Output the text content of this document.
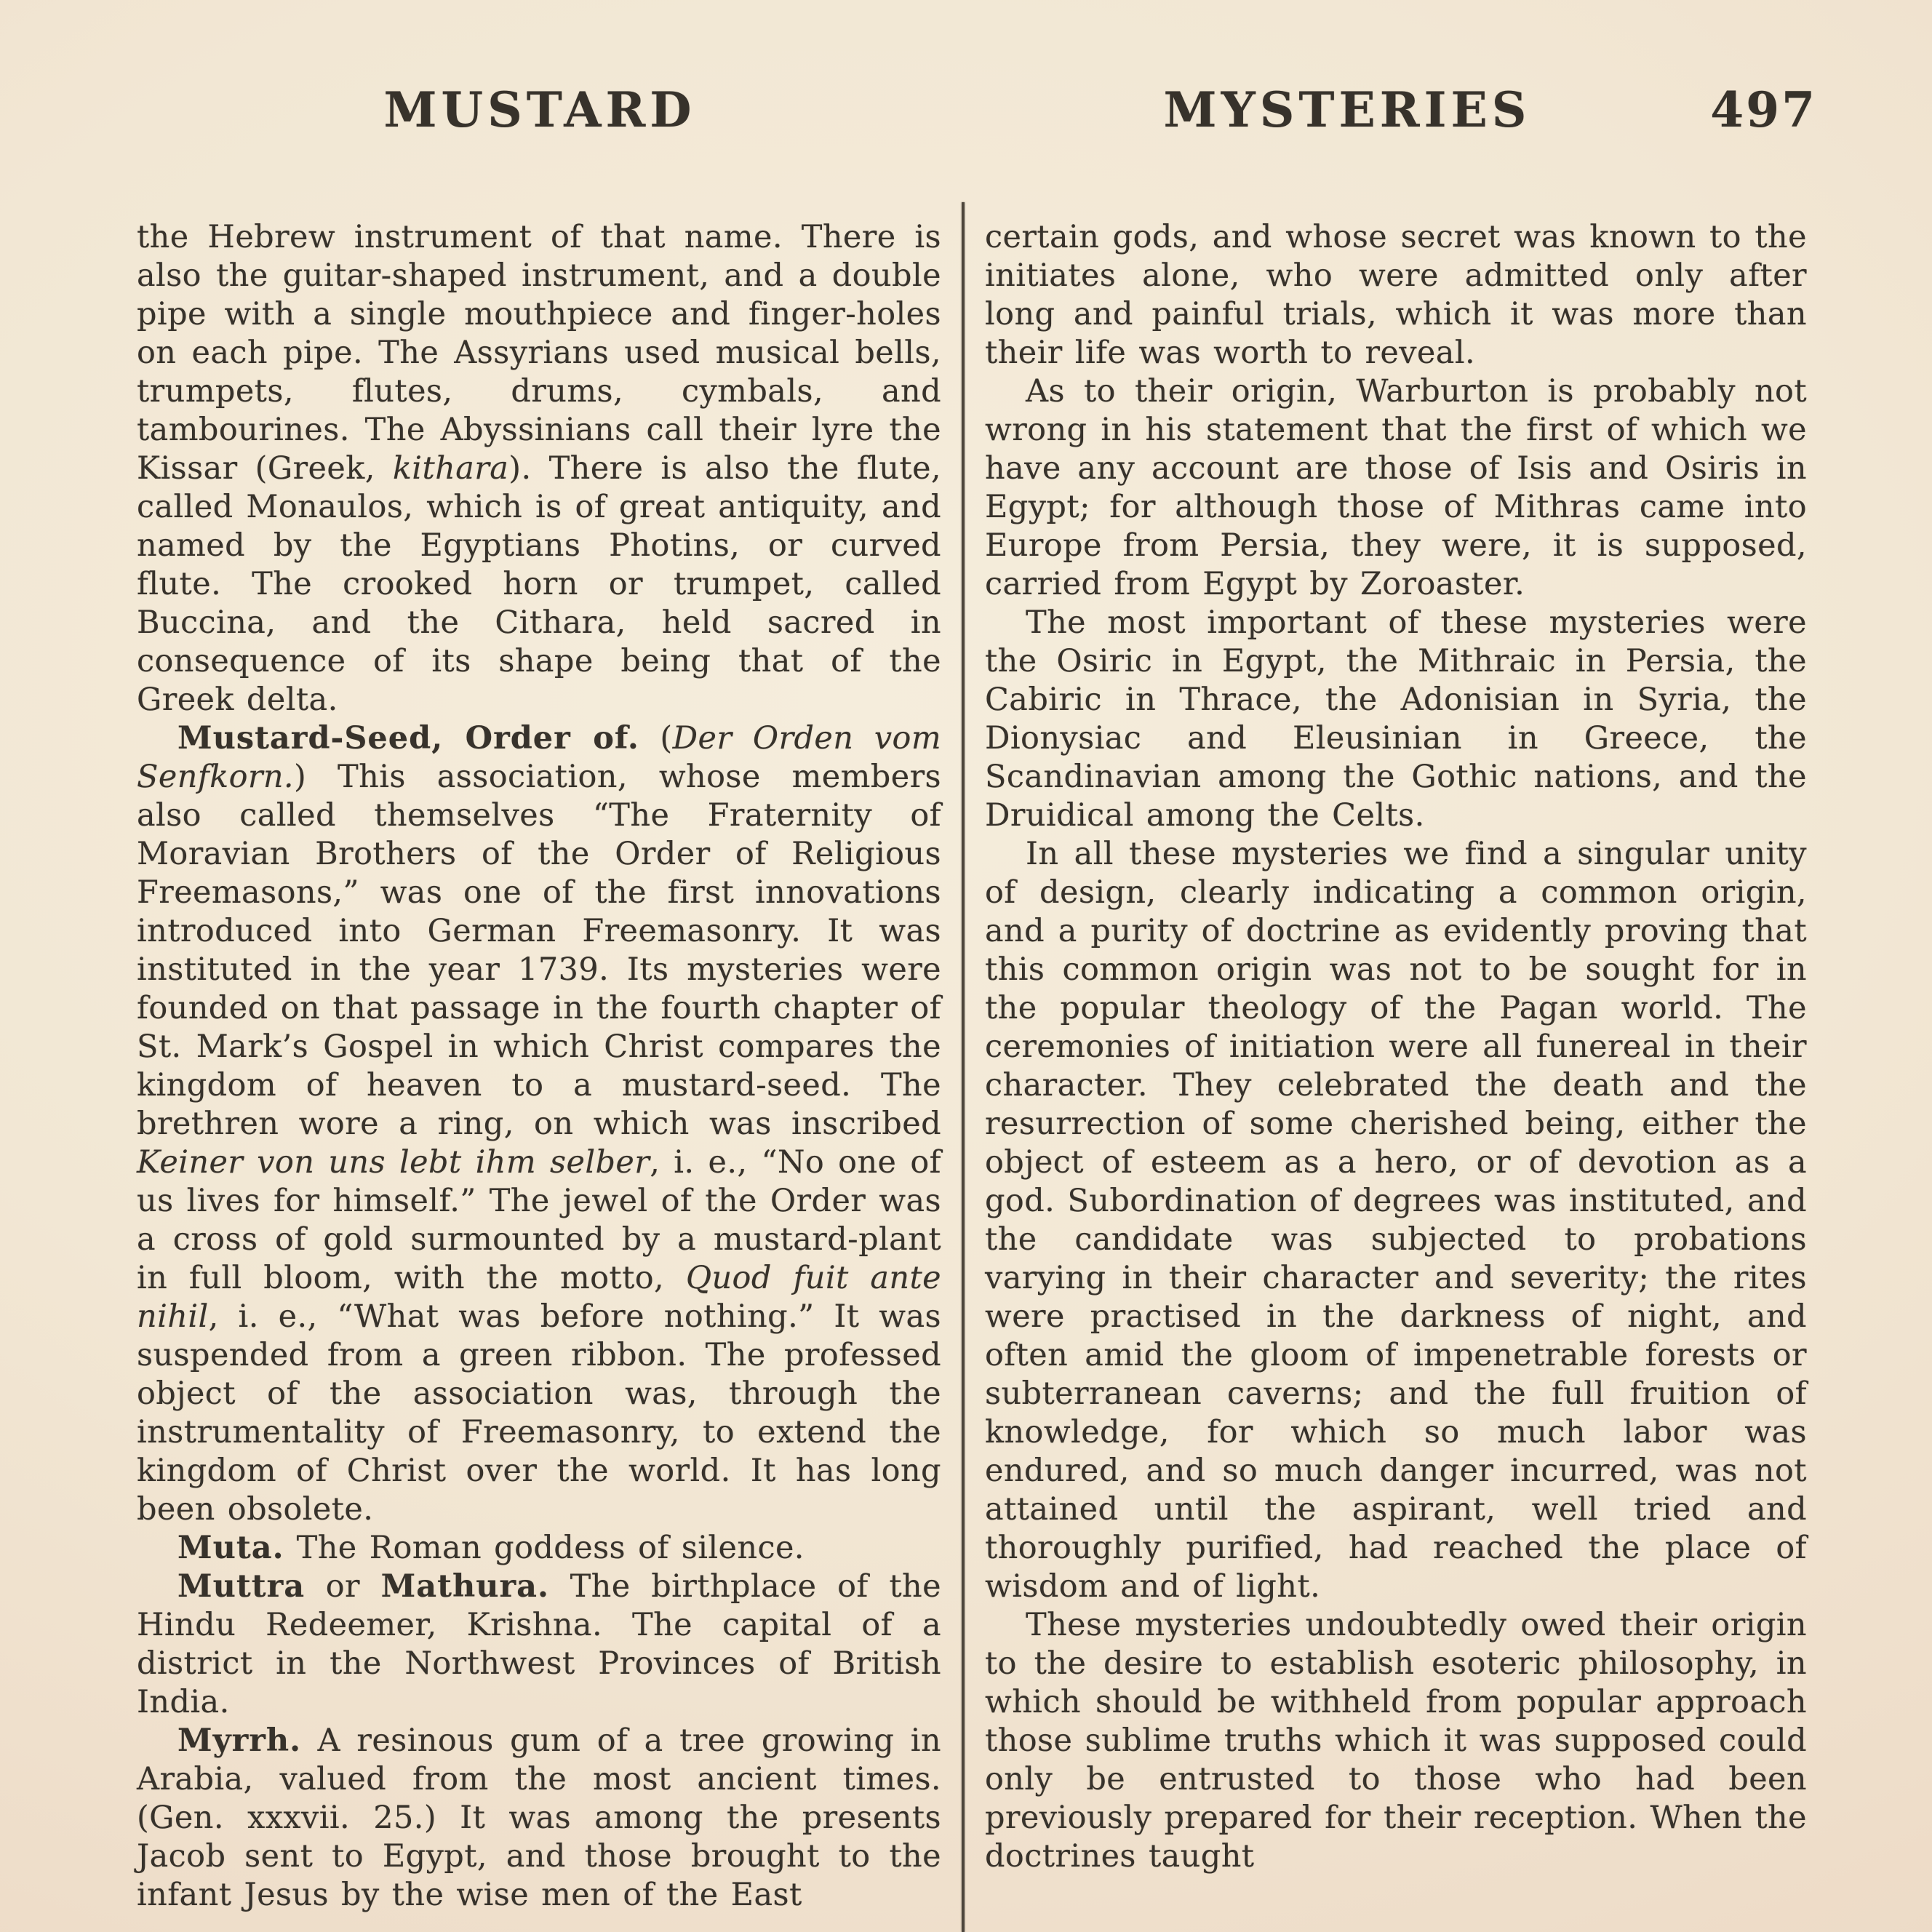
MUSTARD	MYSTERIES	497

the Hebrew instrument of that name. There is also the guitar-shaped instrument, and a double pipe with a single mouthpiece and finger-holes on each pipe. The Assyrians used musical bells, trumpets, flutes, drums, cymbals, and tambourines. The Abyssinians call their lyre the Kissar (Greek, kithara). There is also the flute, called Monaulos, which is of great antiquity, and named by the Egyptians Photins, or curved flute. The crooked horn or trumpet, called Buccina, and the Cithara, held sacred in consequence of its shape being that of the Greek delta.

Mustard-Seed, Order of. (Der Orden vom Senfkorn.) This association, whose members also called themselves “The Fraternity of Moravian Brothers of the Order of Religious Freemasons,” was one of the first innovations introduced into German Freemasonry. It was instituted in the year 1739. Its mysteries were founded on that passage in the fourth chapter of St. Mark’s Gospel in which Christ compares the kingdom of heaven to a mustard-seed. The brethren wore a ring, on which was inscribed Keiner von uns lebt ihm selber, i. e., “No one of us lives for himself.” The jewel of the Order was a cross of gold surmounted by a mustard-plant in full bloom, with the motto, Quod fuit ante nihil, i. e., “What was before nothing.” It was suspended from a green ribbon. The professed object of the association was, through the instrumentality of Freemasonry, to extend the kingdom of Christ over the world. It has long been obsolete.

Muta. The Roman goddess of silence.

Muttra or Mathura. The birthplace of the Hindu Redeemer, Krishna. The capital of a district in the Northwest Provinces of British India.

Myrrh. A resinous gum of a tree growing in Arabia, valued from the most ancient times. (Gen. xxxvii. 25.) It was among the presents Jacob sent to Egypt, and those brought to the infant Jesus by the wise men of the East

certain gods, and whose secret was known to the initiates alone, who were admitted only after long and painful trials, which it was more than their life was worth to reveal.

As to their origin, Warburton is probably not wrong in his statement that the first of which we have any account are those of Isis and Osiris in Egypt; for although those of Mithras came into Europe from Persia, they were, it is supposed, carried from Egypt by Zoroaster.

The most important of these mysteries were the Osiric in Egypt, the Mithraic in Persia, the Cabiric in Thrace, the Adonisian in Syria, the Dionysiac and Eleusinian in Greece, the Scandinavian among the Gothic nations, and the Druidical among the Celts.

In all these mysteries we find a singular unity of design, clearly indicating a common origin, and a purity of doctrine as evidently proving that this common origin was not to be sought for in the popular theology of the Pagan world. The ceremonies of initiation were all funereal in their character. They celebrated the death and the resurrection of some cherished being, either the object of esteem as a hero, or of devotion as a god. Subordination of degrees was instituted, and the candidate was subjected to probations varying in their character and severity; the rites were practised in the darkness of night, and often amid the gloom of impenetrable forests or subterranean caverns; and the full fruition of knowledge, for which so much labor was endured, and so much danger incurred, was not attained until the aspirant, well tried and thoroughly purified, had reached the place of wisdom and of light.

These mysteries undoubtedly owed their origin to the desire to establish esoteric philosophy, in which should be withheld from popular approach those sublime truths which it was supposed could only be entrusted to those who had been previously prepared for their reception. When the doctrines taught
